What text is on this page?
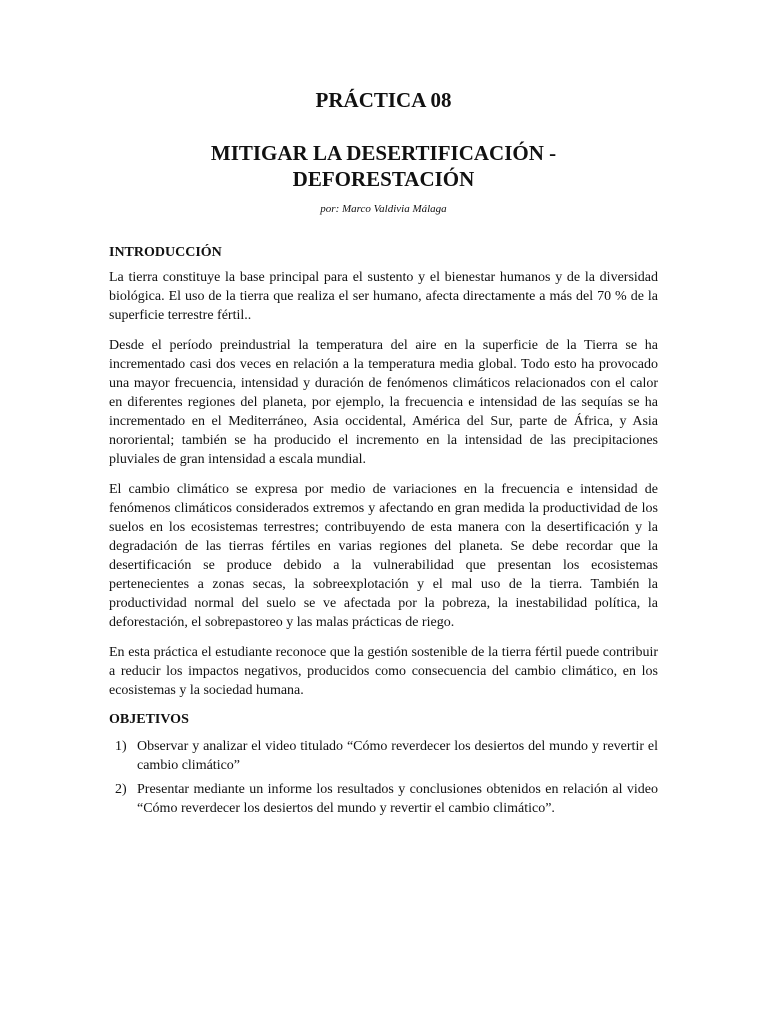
PRÁCTICA 08
MITIGAR LA DESERTIFICACIÓN -
DEFORESTACIÓN

por: Marco Valdivia Málaga

INTRODUCCIÓN

La tierra constituye la base principal para el sustento y el bienestar humanos y de la diversidad biológica. El uso de la tierra que realiza el ser humano, afecta directamente a más del 70 % de la superficie terrestre fértil..

Desde el período preindustrial la temperatura del aire en la superficie de la Tierra se ha incrementado casi dos veces en relación a la temperatura media global. Todo esto ha provocado una mayor frecuencia, intensidad y duración de fenómenos climáticos relacionados con el calor en diferentes regiones del planeta, por ejemplo, la frecuencia e intensidad de las sequías se ha incrementado en el Mediterráneo, Asia occidental, América del Sur, parte de África, y Asia nororiental; también se ha producido el incremento en la intensidad de las precipitaciones pluviales de gran intensidad a escala mundial.

El cambio climático se expresa por medio de variaciones en la frecuencia e intensidad de fenómenos climáticos considerados extremos y afectando en gran medida la productividad de los suelos en los ecosistemas terrestres; contribuyendo de esta manera con la desertificación y la degradación de las tierras fértiles en varias regiones del planeta. Se debe recordar que la desertificación se produce debido a la vulnerabilidad que presentan los ecosistemas pertenecientes a zonas secas, la sobreexplotación y el mal uso de la tierra. También la productividad normal del suelo se ve afectada por la pobreza, la inestabilidad política, la deforestación, el sobrepastoreo y las malas prácticas de riego.

En esta práctica el estudiante reconoce que la gestión sostenible de la tierra fértil puede contribuir a reducir los impactos negativos, producidos como consecuencia del cambio climático, en los ecosistemas y la sociedad humana.

OBJETIVOS
1) Observar y analizar el video titulado “Cómo reverdecer los desiertos del mundo y revertir el cambio climático”
2) Presentar mediante un informe los resultados y conclusiones obtenidos en relación al video “Cómo reverdecer los desiertos del mundo y revertir el cambio climático”.
